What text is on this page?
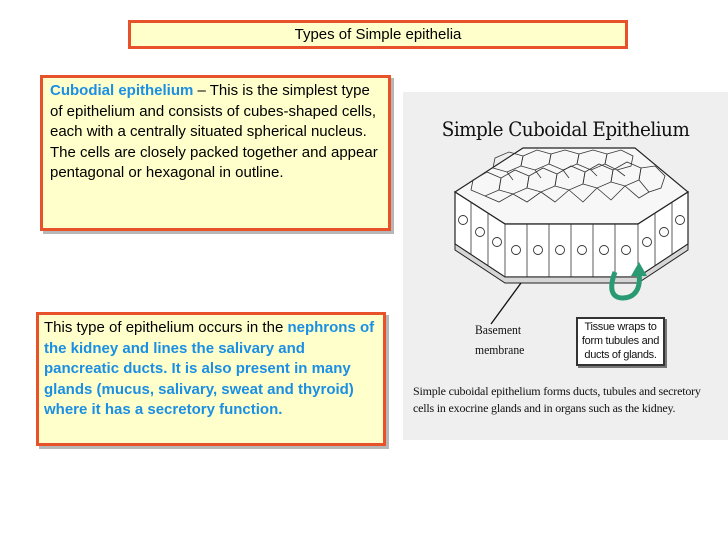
Types of Simple epithelia
Cubodial epithelium – This is the simplest type of epithelium and consists of cubes-shaped cells, each with a centrally situated spherical nucleus. The cells are closely packed together and appear pentagonal or hexagonal in outline.
This type of epithelium occurs in the nephrons of the kidney and lines the salivary and pancreatic ducts. It is also present in many glands (mucus, salivary, sweat and thyroid) where it has a secretory function.
Simple Cuboidal Epithelium
Basement
membrane
Tissue wraps to form tubules and ducts of glands.
Simple cuboidal epithelium forms ducts, tubules and secretory cells in exocrine glands and in organs such as the kidney.
